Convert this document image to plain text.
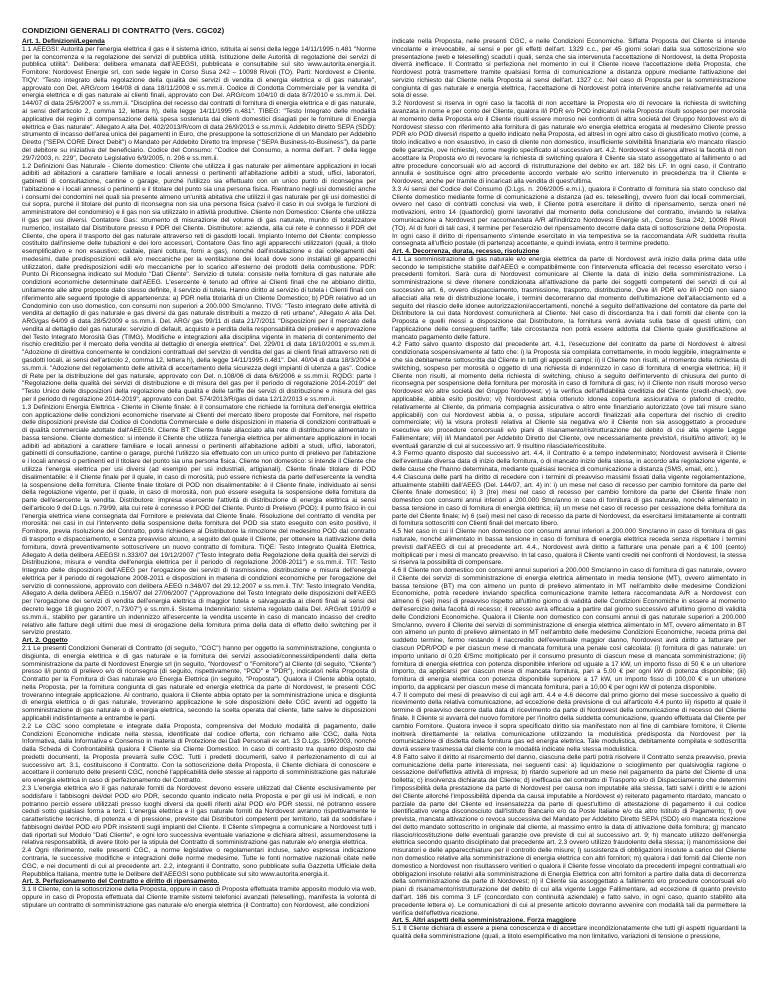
CONDIZIONI GENERALI DI CONTRATTO (Vers. CGC02)

Art. 1. Definizioni/Legenda

1.1 AEEGSI: Autorità per l'energia elettrica il gas e il sistema idrico, istituita ai sensi della legge 14/11/1995 n.481 "Norme per la concorrenza e la regolazione dei servizi di pubblica utilità. Istituzione delle Autorità di regolazione dei servizi di pubblica utilità". Delibera: delibera emanata dall'AEEGSI, pubblicata e consultabile sul sito www.autorita.energia.it. Fornitore: Nordovest Energie srl, con sede legale in Corso Susa 242 – 10098 Rivoli (TO). Parti: Nordovest e Cliente. TIQV: "Testo integrato della regolazione della qualità dei servizi di vendita di energia elettrica e di gas naturale", approvato con Del. ARG/com 164/08 di data 18/11/2008 e ss.mm.ii. Codice di Condotta Commerciale per la vendita di energia elettrica e di gas naturale ai clienti finali, approvato con Del. ARG/com 104/10 di data 8/7/2010 e ss.mm.ii. Del. 144/07 di data 25/6/2007 e ss.mm.ii. "Disciplina del recesso dai contratti di fornitura di energia elettrica e di gas naturale, ai sensi dell'articolo 2, comma 12, lettera h), della legge 14/11/1995 n.481". TIBEG: "Testo Integrato delle modalità applicative dei regimi di compensazione della spesa sostenuta dai clienti domestici disagiati per le forniture di Energia elettrica e Gas naturale". Allegato A alla Del. 402/2013/R/com di data 26/9/2013 e ss.mm.ii. Addebito diretto SEPA (SDD): strumento di incasso dell'area unica dei pagamenti in Euro, che presuppone la sottoscrizione di un Mandato per Addebito Diretto ("SEPA CORE Direct Debit") o Mandato per Addebito Diretto tra Imprese ("SEPA Business-to-Business"), da parte del debitore su iniziativa del beneficiario. Codice del Consumo: "Codice del Consumo, a norma dell'art. 7 della legge 29/7/2003, n. 229", Decreto Legislativo 6/9/2005, n. 206 e ss.mm.ii.

1.2 Definizioni Gas Naturale - Cliente domestico: Cliente che utilizza il gas naturale per alimentare applicazioni in locali adibiti ad abitazioni a carattere familiare e locali annessi o pertinenti all'abitazione adibiti a studi, uffici, laboratori, gabinetti di consultazione, cantine o garage, purché l'utilizzo sia effettuato con un unico punto di riconsegna per l'abitazione e i locali annessi o pertinenti e il titolare del punto sia una persona fisica. Rientrano negli usi domestici anche i consumi dei condomini nei quali sia presente almeno un'unità abitativa che utilizzi il gas naturale per gli usi domestici di cui sopra, purché il titolare del punto di riconsegna non sia una persona fisica (salvo il caso in cui svolga le funzioni di amministratore del condominio) e il gas non sia utilizzato in attività produttive. Cliente non Domestico: Cliente che utilizza il gas per usi diversi. Contatore Gas: strumento di misurazione del volume di gas naturale, munito di totalizzatore numerico, installato dal Distributore presso il PDR del Cliente. Distributore: azienda, alla cui rete è connesso il PDR del Cliente, che opera il trasporto del gas naturale attraverso reti di gasdotti locali. Impianto Interno del Cliente: complesso costituito dall'insieme delle tubazioni e dei loro accessori, Contatore Gas fino agli apparecchi utilizzatori (quali, a titolo esemplificativo e non esaustivo: caldaie, piani cottura, forni a gas), nonché dall'installazione e dai collegamenti dei medesimi, dalle predisposizioni edili e/o meccaniche per la ventilazione dei locali dove sono installati gli apparecchi utilizzatori, dalle predisposizioni edili e/o meccaniche per lo scarico all'esterno dei prodotti della combustione. PDR: Punto Di Riconsegna indicato sul Modulo "Dati Cliente". Servizio di tutela: consiste nella fornitura di gas naturale alle condizioni economiche determinate dall'AEEG. L'esercente è tenuto ad offrire ai Clienti finali che ne abbiano diritto, unitamente alle altre proposte dallo stesso definite, il servizio di tutela. Hanno diritto al servizio di tutela i Clienti finali con riferimento alle seguenti tipologie di appartenenza: a) PDR nella titolarità di un Cliente Domestico; b) PDR relativo ad un Condominio con uso domestico, con consumi non superiori a 200.000 Smc/anno. TIVG: "Testo integrato delle attività di vendita al dettaglio di gas naturale e gas diversi da gas naturale distribuiti a mezzo di reti urbane", Allegato A alla Del. ARG/gas 64/09 di data 28/5/2009 e ss.mm.ii. Del. ARG/ gas 99/11 di data 21/7/2011 "Disposizioni per il mercato della vendita al dettaglio del gas naturale: servizio di default, acquisto e perdita della responsabilità dei prelievi e approvazione del Testo Integrato Morosità Gas (TIMG). Modifiche e integrazioni alla disciplina vigente in materia di contenimento del rischio creditizio per il mercato della vendita al dettaglio di energia elettrica". Del. 229/01 di data 18/10/2001 e ss.mm.ii. "Adozione di direttiva concernente le condizioni contrattuali del servizio di vendita del gas ai clienti finali attraverso reti di gasdotti locali, ai sensi dell'articolo 2, comma 12, lettera h), della legge 14/11/1995 n.481". Del. 40/04 di data 18/3/2004 e ss.mm.ii. "Adozione del regolamento delle attività di accertamento della sicurezza degli impianti di utenza a gas". Codice di Rete per la distribuzione del gas naturale, approvato con Del. n.108/06 di data 6/6/2006 e ss.mm.ii. RQDG: parte I "Regolazione della qualità dei servizi di distribuzione e di misura del gas per il periodo di regolazione 2014-2019" del "Testo Unico delle disposizioni della regolazione della qualità e delle tariffe dei servizi di distribuzione e misura del gas per il periodo di regolazione 2014-2019", approvato con Del. 574/2013/R/gas di data 12/12/2013 e ss.mm.ii.

1.3 Definizioni Energia Elettrica - Cliente in Cliente finale: è il consumatore che richiede la fornitura dell'energia elettrica con applicazione delle condizioni economiche riservate ai Clienti del mercato libero proposte dal Fornitore, nel rispetto delle disposizioni previste dal Codice di Condotta Commerciale e delle disposizioni in materia di condizioni contrattuali e di qualità commerciale adottate dall'AEEGSI. Cliente BT: Cliente finale allacciato alla rete di distribuzione alimentato in bassa tensione. Cliente domestico: si intende il Cliente che utilizza l'energia elettrica per alimentare applicazioni in locali adibiti ad abitazioni a carattere familiare e locali annessi o pertinenti all'abitazione adibiti a studi, uffici, laboratori, gabinetti di consultazione, cantine o garage, purché l'utilizzo sia effettuato con un unico punto di prelievo per l'abitazione e i locali annessi o pertinenti ed il titolare del punto sia una persona fisica. Cliente non domestico: si intende il Cliente che utilizza l'energia elettrica per usi diversi (ad esempio per usi industriali, artigianali). Cliente finale titolare di POD disalimentabile: è il Cliente finale per il quale, in caso di morosità, può essere richiesta da parte dell'esercente la vendita la sospensione della fornitura. Cliente finale titolare di POD non disalimentabile: è il Cliente finale, individuato ai sensi della regolazione vigente, per il quale, in caso di morosità, non può essere eseguita la sospensione della fornitura da parte dell'esercente la vendita. Distributore: impresa esercente l'attività di distribuzione di energia elettrica ai sensi dell'articolo 9 del D.Lgs. n.79/99, alla cui rete è connesso il POD del Cliente. Punto di Prelievo (POD): il punto fisico in cui l'energia elettrica viene consegnata dal Fornitore e prelevata dal Cliente finale. Risoluzione del contratto di vendita per morosità: nei casi in cui l'intervento della sospensione della fornitura del POD sia stato eseguito con esito positivo, il Fornitore, previa risoluzione del Contratto, potrà richiedere al Distributore la rimozione del medesimo POD dal contratto di trasporto e dispacciamento, e senza preavviso alcuno, a seguito del quale il Cliente, per ottenere la riattivazione della fornitura, dovrà preventivamente sottoscrivere un nuovo contratto di fornitura. TIQE: Testo Integrato Qualità Elettrica, Allegato A della delibera AEEGSI n.333/07 del 19/12/2007 ("Testo Integrato della Regolazione della qualità dei servizi di Distribuzione, misura e vendita dell'energia elettrica per il periodo di regolazione 2008-2011") e ss.mm.ii. TIT: Testo Integrato delle disposizioni dell'AEEG per l'erogazione dei servizi di trasmissione, distribuzione e misura dell'energia elettrica per il periodo di regolazione 2008-2011 e disposizioni in materia di condizioni economiche per l'erogazione del servizio di connessione, approvato con delibera AEEG n.348/07 del 29.12.2007 e ss.mm.ii. TIV: Testo Integrato Vendita, Allegato A della delibera AEEG n.156/07 del 27/06/2007 ("Approvazione del Testo Integrato delle disposizioni dell'AEEG per l'erogazione dei servizi di vendita dell'energia elettrica di maggior tutela e salvaguardia ai clienti finali ai sensi del decreto legge 18 giugno 2007, n.73/07") e ss.mm.ii. Sistema Indennitario: sistema regolato dalla Del. ARG/elt 191/09 e ss.mm.ii., stabilito per garantire un indennizzo all'esercente la vendita uscente in caso di mancato incasso del credito relativo alle fatture degli ultimi due mesi di erogazione della fornitura prima della data di effetto dello switching per il servizio prestato.

Art. 2. Oggetto

2.1 Le presenti Condizioni Generali di Contratto (di seguito, "CGC") hanno per oggetto la somministrazione, congiunta o disgiunta, di energia elettrica e di gas naturale e la fornitura dei servizi associati/connessi/dipendenti dalla detta somministrazione da parte di Nordovest Energie srl (in seguito, "Nordovest" o "Fornitore") al Cliente (di seguito, "Cliente") presso il/i punto di prelievo e/o di riconsegna (di seguito, rispettivamente, "POD" e "PDR"), indicato/i nella Proposta di Contratto per la Fornitura di Gas naturale e/o Energia Elettrica (in seguito, "Proposta"). Qualora il Cliente abbia optato, nella Proposta, per la fornitura congiunta di gas naturale ed energia elettrica da parte di Nordovest, le presenti CGC troveranno integrale applicazione. Al contrario, qualora il Cliente abbia optato per la somministrazione unica e disgiunta di energia elettrica o di gas naturale, troveranno applicazione le sole disposizioni delle CGC aventi ad oggetto la somministrazione di gas naturale o di energia elettrica, secondo la scelta operata dal cliente, fatte salve le disposizioni applicabili indistintamente a entrambe le parti.

2.2 Le CGC sono completate e integrate dalla Proposta, comprensiva del Modulo modalità di pagamento, dalle Condizioni Economiche indicate nella stessa, identificate dal codice offerta, con richiamo alle CGC, dalla Nota Informativa, dalla Informativa e Consenso in materia di Protezione dei Dati Personali ex art. 13 D.Lgs. 196/2003, nonché dalla Scheda di Confrontabilità qualora il Cliente sia Cliente Domestico. In caso di contrasto tra quanto disposto dai predetti documenti, la Proposta prevarrà sulle CGC. Tutti i predetti documenti, salvo il perfezionamento di cui al successivo art. 3.1, costituiscono il Contratto. Con la sottoscrizione della Proposta, il Cliente dichiara di conoscere e accettare il contenuto delle presenti CGC, nonché l'applicabilità delle stesse al rapporto di somministrazione gas naturale e/o energia elettrica in caso di perfezionamento del Contratto.

2.3 L'energia elettrica e/o il gas naturale forniti da Nordovest devono essere utilizzati dal Cliente esclusivamente per soddisfare i fabbisogni dei/del POD e/o PDR, secondo quanto indicato nella Proposta e per gli usi ivi indicati, e non potranno perciò essere utilizzati presso luoghi diversi da quelli riferiti ai/al POD e/o PDR stessi, né potranno essere ceduti sotto qualsiasi forma a terzi. L'energia elettrica e il gas naturale forniti da Nordovest avranno rispettivamente le caratteristiche tecniche, di potenza e di pressione, previste dai Distributori competenti per territorio, tali da soddisfare i fabbisogni dei/del POD e/o PDR insistenti sugli impianti del Cliente. Il Cliente s'impegna a comunicare a Nordovest tutti i dati riportati sul Modulo "Dati Cliente", e ogni loro successiva eventuale variazione e dichiara altresì, assumendosene la relativa responsabilità, di avere titolo per la stipula del Contratto di somministrazione gas naturale e/o energia elettrica.

2.4 Ogni riferimento, nelle presenti CGC, a norme legislative o regolamentari incluse, salvo espressa indicazione contraria, le successive modifiche e integrazioni delle norme medesime. Tutte le fonti normative nazionali citate nelle CGC, e nei documenti di cui al precedente art. 2.2, integranti il Contratto, sono pubblicate sulla Gazzetta Ufficiale della Repubblica Italiana, mentre tutte le Delibere dell'AEEGSI sono pubblicate sul sito www.autorita.energia.it.

Art. 3. Perfezionamento del Contratto e diritto di ripensamento.

3.1 Il Cliente, con la sottoscrizione della Proposta, oppure in caso di Proposta effettuata tramite apposito modulo via web, oppure in caso di Proposta effettuata dal Cliente tramite sistemi telefonici avanzati (teleselling), manifesta la volontà di stipulare un contratto di somministrazione gas naturale e/o energia elettrica (il Contratto) con Nordovest, alle condizioni

indicate nella Proposta, nelle presenti CGC, e nelle Condizioni Economiche. Siffatta Proposta del Cliente si intende vincolante e irrevocabile, ai sensi e per gli effetti dell'art. 1329 c.c., per 45 giorni solari dalla sua sottoscrizione e/o presentazione (web e teleselling) scaduti i quali, senza che sia intervenuta l'accettazione di Nordovest, la detta Proposta diverrà inefficace. Il Contratto si perfeziona nel momento in cui il Cliente riceve l'accettazione della Proposta, che Nordovest potrà trasmettere tramite qualsiasi forma di comunicazione a distanza oppure mediante l'attivazione del servizio richiesto dal Cliente nella Proposta ai sensi dell'art. 1327 c.c. Nel caso di Proposta per la somministrazione congiunta di gas naturale e energia elettrica, l'accettazione di Nordovest potrà intervenire anche relativamente ad una sola di esse.

3.2 Nordovest si riserva in ogni caso la facoltà di non accettare la Proposta e/o di revocare la richiesta di switching avanzata in nome e per conto del Cliente, qualora il/i PDR e/o POD indicato/i nella Proposta risulti sospeso per morosità al momento della Proposta e/o il Cliente risulti essere moroso nei confronti di altra società del Gruppo Nordovest e/o di Nordovest stesso con riferimento alla fornitura di gas naturale e/o energia elettrica erogata al medesimo Cliente presso PDR e/o POD diversi/i rispetto a quello indicato nella Proposta, ed altresì in ogni altro caso di giustificato motivo (come, a titolo indicativo e non esaustivo, in caso di cliente non domestico, insufficiente solvibilità finanziaria e/o mancato rilascio delle garanzie, ove richieste), come meglio specificato al successivo art. 4.2. Nordovest si riserva altresì la facoltà di non accettare la Proposta e/o di revocare la richiesta di switching qualora il Cliente sia stato assoggettato al fallimento o ad altre procedure concorsuali e/o ad accordi di ristrutturazione del debito ex art. 182 bis LF. In ogni caso, il Contratto annulla e sostituisce ogni altro precedente accordo verbale e/o scritto intervenuto in precedenza tra il Cliente e Nordovest, anche per tramite di incaricati alla vendita di quest'ultima.

3.3 Ai sensi del Codice del Consumo (D.Lgs. n. 206/2005 e.m.i.), qualora il Contratto di fornitura sia stato concluso dal Cliente domestico mediante forme di comunicazione a distanza (ad es. teleselling), ovvero fuori dai locali commerciali, ovvero nel caso di contratti conclusi via web, il Cliente potrà esercitare il diritto di ripensamento, senza oneri né motivazioni, entro 14 (quattordici) giorni lavorativi dal momento della conclusione del contratto, inviando la relativa comunicazione a Nordovest per raccomandata A/R all'indirizzo Nordovest Energie srl., Corso Susa 242, 10098 Rivoli (TO). Al di fuori di tali casi, il termine per l'esercizio del ripensamento decorre dalla data di sottoscrizione della Proposta. In ogni caso il diritto di ripensamento s'intende esercitato in via tempestiva se la raccomandata A/R suddetta risulta consegnata all'ufficio postale (di partenza) accettante, e quindi inviata, entro il termine predetto.

Art. 4. Decorrenza, durata, recesso, risoluzione

4.1 La somministrazione di gas naturale e/o energia elettrica da parte di Nordovest avrà inizio dalla prima data utile secondo le tempistiche stabilite dall'AEEG e compatibilmente con l'intervenuta efficacia del recesso esercitato verso i precedenti fornitori. Sarà cura di Nordovest comunicare al Cliente la data di inizio della somministrazione. La somministrazione si deve ritenere condizionata all'attivazione da parte dei soggetti competenti dei servizi di cui al successivo art. 6, ovvero dispacciamento, trasmissione, trasporto, distribuzione. Ove il/i PDR e/o il/i POD non siano allacciati alla rete di distribuzione locale, i termini decorreranno dal momento dell'ultimazione dell'allacciamento ed a seguito del rilascio delle idonee autorizzazioni/accertamenti, nonché a seguito dell'attivazione del contatore da parte del Distributore la cui data Nordovest comunicherà al Cliente. Nel caso di discordanza fra i dati forniti dal cliente con la Proposta e quelli messi a disposizione dal Distributore, la fornitura verrà avviata sulla base di questi ultimi, con l'applicazione delle conseguenti tariffe; tale circostanza non potrà essere addotta dal Cliente quale giustificazione al mancato pagamento delle fatture.

4.2 Fatto salvo quanto disposto dal precedente art. 4.1, l'esecuzione del contratto da parte di Nordovest è altresì condizionata sospensivamente al fatto che: i) la Proposta sia compilata correttamente, in modo leggibile, integralmente e che sia debitamente sottoscritta dal Cliente in tutti gli appositi campi; ii) il Cliente non risulti, al momento della richiesta di switching, sospeso per morosità o oggetto di una richiesta di indennizzo in caso di fornitura di energia elettrica; iii) il Cliente non risulti, al momento della richiesta di switching, chiuso a seguito dell'intervento di chiusura del punto di riconsegna per sospensione della fornitura per morosità in caso di fornitura di gas; iv) il Cliente non risulti moroso verso Nordovest e/o altre società del Gruppo Nordovest; v) la verifica dell'affidabilità creditizia del Cliente (credit-check), ove applicabile, abbia esito positivo; vi) Nordovest abbia ottenuto idonea copertura assicurativa o plafond di credito, relativamente al Cliente, da primaria compagnia assicurativa o altro ente finanziario autorizzato (ove tali misure siano applicabili) con cui Nordovest abbia a, o possa, stipulare accordi finalizzati alla copertura del rischio di credito commerciale; vii) la visura protesti relativa al Cliente sia negativa e/o il Cliente non sia assoggettato a procedure esecutive e/o procedure concorsuali e/o piani di risanamento/ristrutturazione del debito di cui alla vigente Legge Fallimentare; viii) il/i Mandato/i per Addebito Diretto del Cliente, ove necessariamente previsto/i, risulti/no attivo/i; ix) le eventuali garanzie di cui al successivo art. 9 risultino rilasciate/ricostituite.

4.3 Fermo quanto disposto dal successivo art. 4.4, il Contratto è a tempo indeterminato; Nordovest avviserà il Cliente dell'eventuale diversa data di inizio della fornitura, o di mancato inizio della stessa, in accordo alla regolazione vigente, e delle cause che l'hanno determinata, mediante qualsiasi tecnica di comunicazione a distanza (SMS, email, etc.).

4.4 Ciascuna delle parti ha diritto di recedere con i termini di preavviso massimi fissati dalla vigente regolamentazione, attualmente stabiliti dall'AEEG (Del. 144/07, art. 4) in: i) un mese nel caso di recesso per cambio fornitore da parte del Cliente finale domestico; ii) 3 (tre) mesi nel caso di recesso per cambio fornitore da parte del Cliente finale non domestico con consumi annui inferiori a 200.000 Smc/anno in caso di fornitura di gas naturale, nonché alimentato in bassa tensione in caso di fornitura di energia elettrica; iii) un mese nel caso di recesso per cessazione della fornitura da parte del Cliente finale; iv) 6 (sei) mesi nel caso di recesso da parte di Nordovest, da esercitarsi limitatamente ai contratti di fornitura sottoscritti con Clienti finali del mercato libero.

4.5 Nel caso in cui il Cliente non domestico con consumi annui inferiori a 200.000 Smc/anno in caso di fornitura di gas naturale, nonché alimentato in bassa tensione in caso di fornitura di energia elettrica receda senza rispettare i termini previsti dall'AEEG di cui al precedente art. 4.4., Nordovest avrà diritto a fatturare una penale pari a € 100 (cento) moltiplicati per i mesi di mancato preavviso. In tal caso, qualora il Cliente vanti crediti nei confronti di Nordovest, la stessa si riserva la possibilità di compensare.

4.6 Il Cliente non domestico con consumi annui superiori a 200.000 Smc/anno in caso di fornitura di gas naturale, ovvero il Cliente dei servizi di somministrazione di energia elettrica alimentato in media tensione (MT), ovvero alimentato in bassa tensione (BT) ma con almeno un punto di prelievo alimentato in MT nell'ambito delle medesime Condizioni Economiche, potrà recedere inviando specifica comunicazione tramite lettera raccomandata A/R a Nordovest con almeno 6 (sei) mesi di preavviso rispetto all'ultimo giorno di validità delle Condizioni Economiche in essere al momento dell'esercizio della facoltà di recesso; il recesso avrà efficacia a partire dal giorno successivo all'ultimo giorno di validità delle Condizioni Economiche. Qualora il Cliente non domestico con consumi annui di gas naturale superiori a 200.000 Smc/anno, ovvero il Cliente dei servizi di somministrazione di energia elettrica alimentato in MT, ovvero alimentato in BT con almeno un punto di prelievo alimentato in MT nell'ambito delle medesime Condizioni Economiche, receda prima del suddetto termine, fermo restando il riaccredito dell'eventuale maggior danno, Nordovest avrà diritto a fatturare per ciascun PDR/POD e per ciascun mese di mancata fornitura una penale così calcolata: (i) fornitura di gas naturale: un importo unitario di 0,20 €/Smc moltiplicato per il consumo presunto di ciascun mese di mancata somministrazione; (ii) fornitura di energia elettrica con potenza disponibile inferiore od uguale a 17 kW, un importo fisso di 50 € e un ulteriore importo, da applicarsi per ciascun mese di mancata fornitura, pari a 5,00 € per ogni kW di potenza disponibile; (iii) fornitura di energia elettrica con potenza disponibile superiore a 17 kW, un importo fisso di 100,00 € e un ulteriore importo, da applicarsi per ciascun mese di mancata fornitura, pari a 10,00 € per ogni kW di potenza disponibile.

4.7 Il computo dei mesi di preavviso di cui agli artt. 4.4 e 4.6 decorre dal primo giorno del mese successivo a quello di ricevimento della relativa comunicazione, ad eccezione della previsione di cui all'articolo 4.4 punto iii) rispetto al quale il termine di preavviso decorre dalla data di ricevimento da parte di Nordovest della comunicazione di recesso del Cliente finale. Il Cliente si avvarrà del nuovo fornitore per l'inoltro della suddetta comunicazione, quando effettuata dal Cliente per cambio Fornitore. Qualora invece il sopra specificato diritto sia manifestato non al fine di cambiare fornitore, il Cliente inoltrerà direttamente la relativa comunicazione utilizzando la modulistica predisposta da Nordovest per la comunicazione di disdetta della fornitura gas ed energia elettrica. Tale modulistica, debitamente compilata e sottoscritta dovrà essere trasmessa dal cliente con le modalità indicate nella stessa modulistica.

4.8 Fatto salvo il diritto al risarcimento del danno, ciascuna delle parti potrà risolvere il Contratto senza preavviso, previa comunicazione della parte interessata, nei seguenti casi: a) liquidazione o scioglimento per qualsivoglia ragione o cessazione dell'effettiva attività di impresa; b) ritardo superiore ad un mese nel pagamento da parte del Cliente di una bolletta; c) insolvenza dichiarata del Cliente; d) inefficacia del contratto di Trasporto e/o di Dispacciamento che determini l'impossibilità della prestazione da parte di Nordovest per causa non imputabile alla stessa, fatti salvi i diritti e le azioni del Cliente allorché l'impossibilità dipenda da causa imputabile a Nordovest e) reiterato pagamento ritardato, mancato o parziale da parte del Cliente ed insensatezza da parte di quest'ultimo di attestazione di pagamento il cui codice identificativo venga disconosciuto dall'Istituto Bancario e/o da Poste Italiane e/o da altro Istituto di Pagamento; f) ove prevista, mancata attivazione o revoca successiva del Mandato per Addebito Diretto SEPA (SDD) e/o mancata ricezione del detto mandato sottoscritto in originale dal cliente, al massimo entro la data di attivazione della fornitura; g) mancato rilascio/ricostituzione delle eventuali garanzie ove previste di cui al successivo art. 9; h) mancato utilizzo dell'energia elettrica secondo quanto disciplinato dal precedente art. 2.3 ovvero utilizzo fraudolento della stessa; i) manomissione dei misuratori e delle apparecchiature per il controllo delle misure; l) sussistenza di obbligazioni insolute a carico del Cliente non domestico relative alla somministrazione di energia elettrica con altri fornitori; m) qualora i dati forniti dal Cliente non domestico a Nordovest non risultassero veritieri o qualora il Cliente fosse vincolato da precedenti impegni contrattuali e/o obbligazioni insolute relativi alla somministrazione di Energia Elettrica con altri fornitori a partire dalla data di decorrenza della somministrazione da parte di Nordovest; n) il Cliente sia assoggettato a fallimento e/o procedure concorsuali e/o piani di risanamento/ristrutturazione del debito di cui alla vigente Legge Fallimentare, ad eccezione di quanto previsto dall'art. 186 bis comma 3 LF (concordato con continuità aziendale) e fatto salvo, in ogni caso, quanto stabilito alla precedente lettera e). Le comunicazioni di cui al presente articolo dovranno avvenire con modalità tali da permettere la verifica dell'effettiva ricezione.

Art. 5. Altri aspetti della somministrazione. Forza maggiore

5.1 Il Cliente dichiara di essere a piena conoscenza e di accettare incondizionatamente che tutti gli aspetti riguardanti la qualità della somministrazione (quali, a titolo esemplificativo ma non limitativo, variazioni di tensione o pressione,
